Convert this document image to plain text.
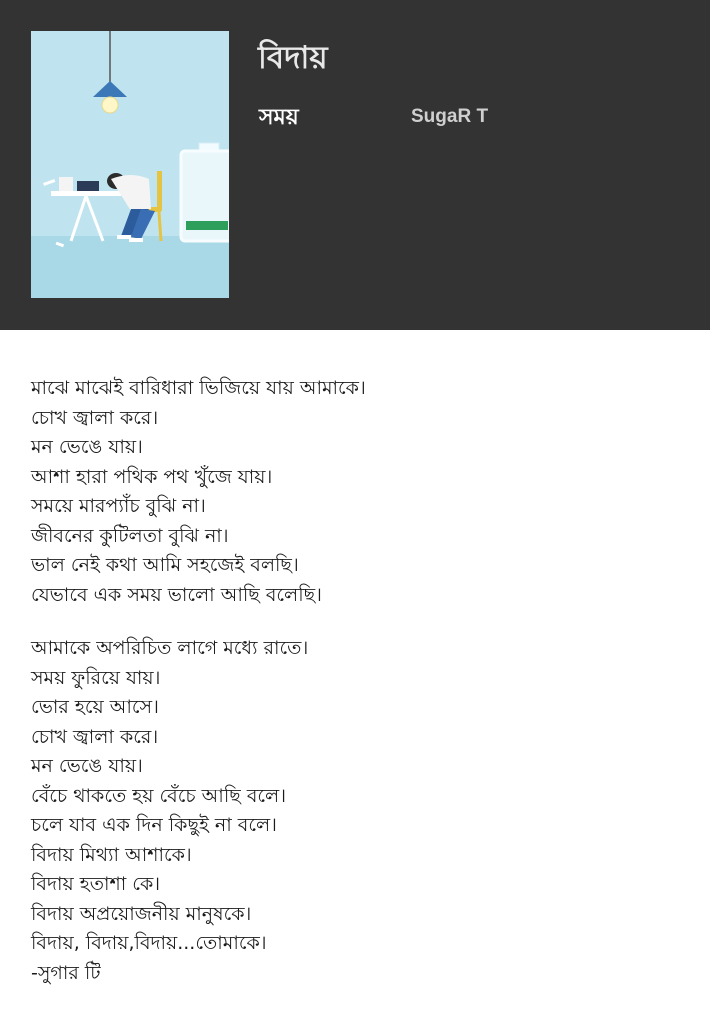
বিদায়
সময়	SugaR T
মাঝে মাঝেই বারিধারা ভিজিয়ে যায় আমাকে।
চোখ জ্বালা করে।
মন ভেঙে যায়।
আশা হারা পথিক পথ খুঁজে যায়।
সময়ে মারপ্যাঁচ বুঝি না।
জীবনের কুটিলতা বুঝি না।
ভাল নেই কথা আমি সহজেই বলছি।
যেভাবে এক সময় ভালো আছি বলেছি।
আমাকে অপরিচিত লাগে মধ্যে রাতে।
সময় ফুরিয়ে যায়।
ভোর হয়ে আসে।
চোখ জ্বালা করে।
মন ভেঙে যায়।
বেঁচে থাকতে হয় বেঁচে আছি বলে।
চলে যাব এক দিন কিছুই না বলে।
বিদায় মিথ্যা আশাকে।
বিদায় হতাশা কে।
বিদায় অপ্রয়োজনীয় মানুষকে।
বিদায়, বিদায়,বিদায়...তোমাকে।
-সুগার টি
